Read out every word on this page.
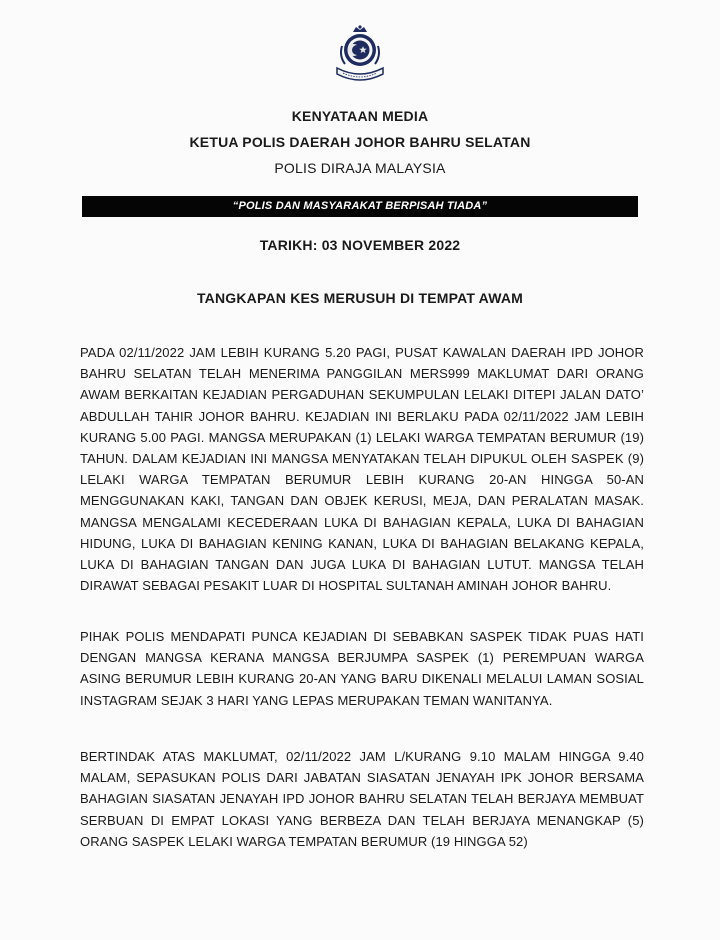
KENYATAAN MEDIA
KETUA POLIS DAERAH JOHOR BAHRU SELATAN
POLIS DIRAJA MALAYSIA
“POLIS DAN MASYARAKAT BERPISAH TIADA”
TARIKH: 03 NOVEMBER 2022
TANGKAPAN KES MERUSUH DI TEMPAT AWAM

PADA 02/11/2022 JAM LEBIH KURANG 5.20 PAGI, PUSAT KAWALAN DAERAH IPD JOHOR BAHRU SELATAN TELAH MENERIMA PANGGILAN MERS999 MAKLUMAT DARI ORANG AWAM BERKAITAN KEJADIAN PERGADUHAN SEKUMPULAN LELAKI DITEPI JALAN DATO’ ABDULLAH TAHIR JOHOR BAHRU. KEJADIAN INI BERLAKU PADA 02/11/2022 JAM LEBIH KURANG 5.00 PAGI. MANGSA MERUPAKAN (1) LELAKI WARGA TEMPATAN BERUMUR (19) TAHUN. DALAM KEJADIAN INI MANGSA MENYATAKAN TELAH DIPUKUL OLEH SASPEK (9) LELAKI WARGA TEMPATAN BERUMUR LEBIH KURANG 20-AN HINGGA 50-AN MENGGUNAKAN KAKI, TANGAN DAN OBJEK KERUSI, MEJA, DAN PERALATAN MASAK. MANGSA MENGALAMI KECEDERAAN LUKA DI BAHAGIAN KEPALA, LUKA DI BAHAGIAN HIDUNG, LUKA DI BAHAGIAN KENING KANAN, LUKA DI BAHAGIAN BELAKANG KEPALA, LUKA DI BAHAGIAN TANGAN DAN JUGA LUKA DI BAHAGIAN LUTUT. MANGSA TELAH DIRAWAT SEBAGAI PESAKIT LUAR DI HOSPITAL SULTANAH AMINAH JOHOR BAHRU.

PIHAK POLIS MENDAPATI PUNCA KEJADIAN DI SEBABKAN SASPEK TIDAK PUAS HATI DENGAN MANGSA KERANA MANGSA BERJUMPA SASPEK (1) PEREMPUAN WARGA ASING BERUMUR LEBIH KURANG 20-AN YANG BARU DIKENALI MELALUI LAMAN SOSIAL INSTAGRAM SEJAK 3 HARI YANG LEPAS MERUPAKAN TEMAN WANITANYA.

BERTINDAK ATAS MAKLUMAT, 02/11/2022 JAM L/KURANG 9.10 MALAM HINGGA 9.40 MALAM, SEPASUKAN POLIS DARI JABATAN SIASATAN JENAYAH IPK JOHOR BERSAMA BAHAGIAN SIASATAN JENAYAH IPD JOHOR BAHRU SELATAN TELAH BERJAYA MEMBUAT SERBUAN DI EMPAT LOKASI YANG BERBEZA DAN TELAH BERJAYA MENANGKAP (5) ORANG SASPEK LELAKI WARGA TEMPATAN BERUMUR (19 HINGGA 52)
